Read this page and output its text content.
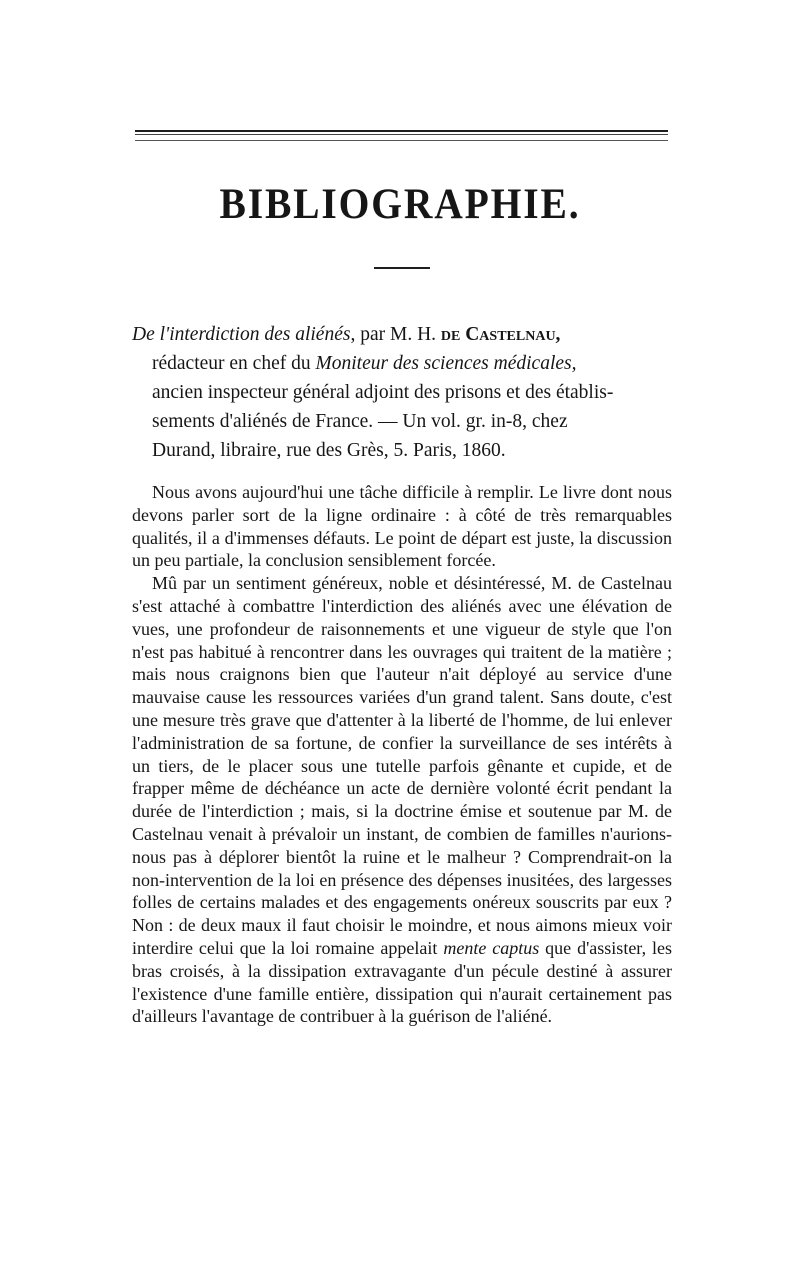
BIBLIOGRAPHIE.
De l'interdiction des aliénés, par M. H. de Castelnau,
rédacteur en chef du Moniteur des sciences médicales,
ancien inspecteur général adjoint des prisons et des établis-
sements d'aliénés de France. — Un vol. gr. in-8, chez
Durand, libraire, rue des Grès, 5. Paris, 1860.

Nous avons aujourd'hui une tâche difficile à remplir. Le livre dont nous devons parler sort de la ligne ordinaire : à côté de très remarquables qualités, il a d'immenses défauts. Le point de départ est juste, la discussion un peu partiale, la conclusion sensiblement forcée.

Mû par un sentiment généreux, noble et désintéressé, M. de Castelnau s'est attaché à combattre l'interdiction des aliénés avec une élévation de vues, une profondeur de raisonnements et une vigueur de style que l'on n'est pas habitué à rencontrer dans les ouvrages qui traitent de la matière ; mais nous craignons bien que l'auteur n'ait déployé au service d'une mauvaise cause les ressources variées d'un grand talent. Sans doute, c'est une mesure très grave que d'attenter à la liberté de l'homme, de lui enlever l'administration de sa fortune, de confier la surveillance de ses intérêts à un tiers, de le placer sous une tutelle parfois gênante et cupide, et de frapper même de déchéance un acte de dernière volonté écrit pendant la durée de l'interdiction ; mais, si la doctrine émise et soutenue par M. de Castelnau venait à prévaloir un instant, de combien de familles n'aurions-nous pas à déplorer bientôt la ruine et le malheur ? Comprendrait-on la non-intervention de la loi en présence des dépenses inusitées, des largesses folles de certains malades et des engagements onéreux souscrits par eux ? Non : de deux maux il faut choisir le moindre, et nous aimons mieux voir interdire celui que la loi romaine appelait mente captus que d'assister, les bras croisés, à la dissipation extravagante d'un pécule destiné à assurer l'existence d'une famille entière, dissipation qui n'aurait certainement pas d'ailleurs l'avantage de contribuer à la guérison de l'aliéné.
